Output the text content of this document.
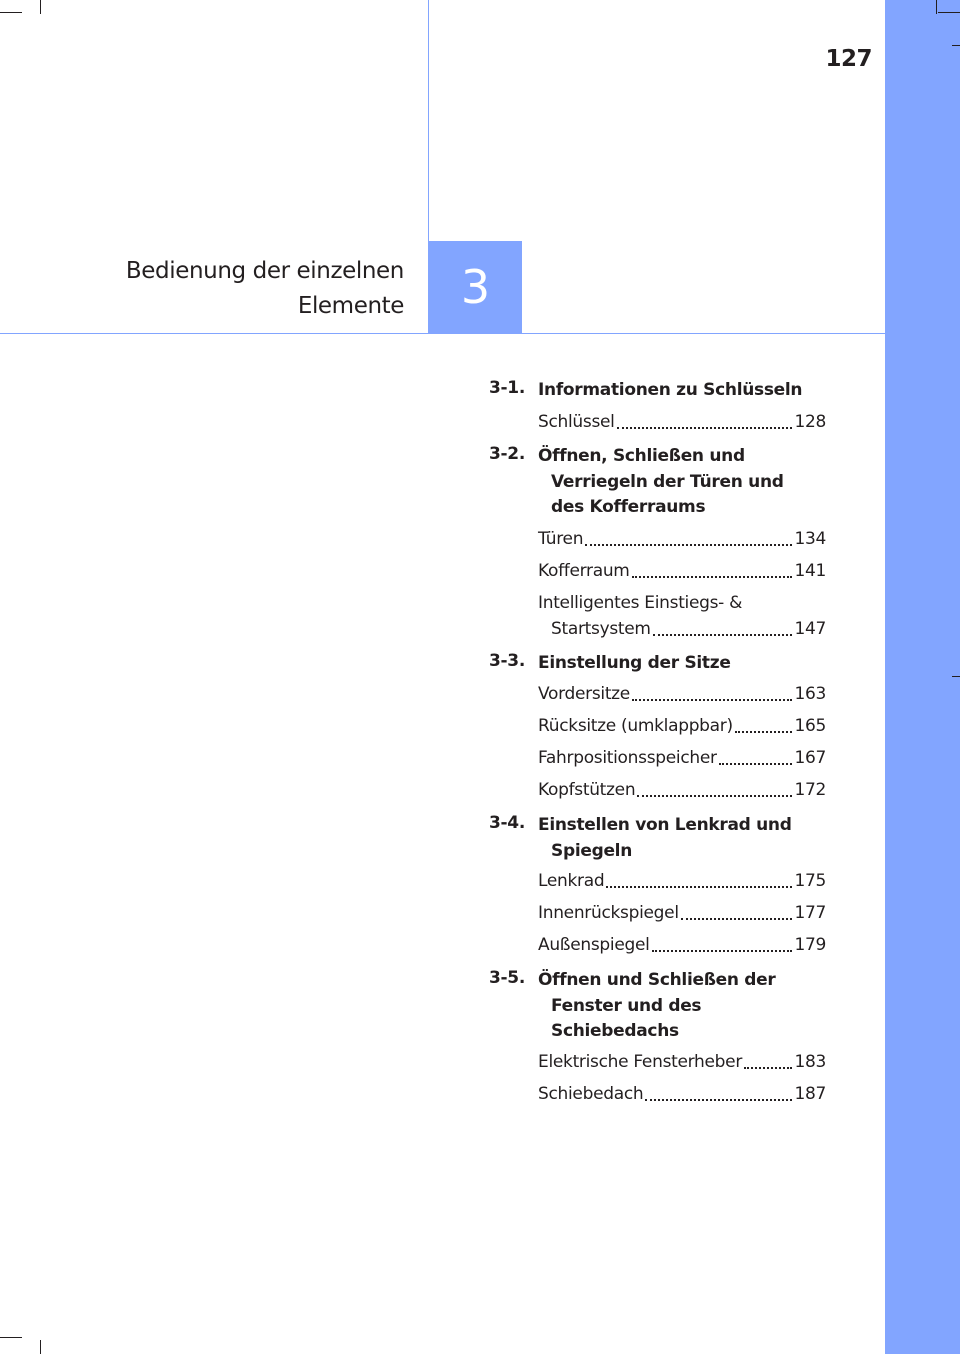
127
Bedienung der einzelnen
Elemente 3
3-1. Informationen zu Schlüsseln
Schlüssel	128
3-2. Öffnen, Schließen und
Verriegeln der Türen und
des Kofferraums
Türen	134
Kofferraum	141
Intelligentes Einstiegs- &
Startsystem	147
3-3. Einstellung der Sitze
Vordersitze	163
Rücksitze (umklappbar)	165
Fahrpositionsspeicher	167
Kopfstützen	172
3-4. Einstellen von Lenkrad und
Spiegeln
Lenkrad	175
Innenrückspiegel	177
Außenspiegel	179
3-5. Öffnen und Schließen der
Fenster und des
Schiebedachs
Elektrische Fensterheber	183
Schiebedach	187
